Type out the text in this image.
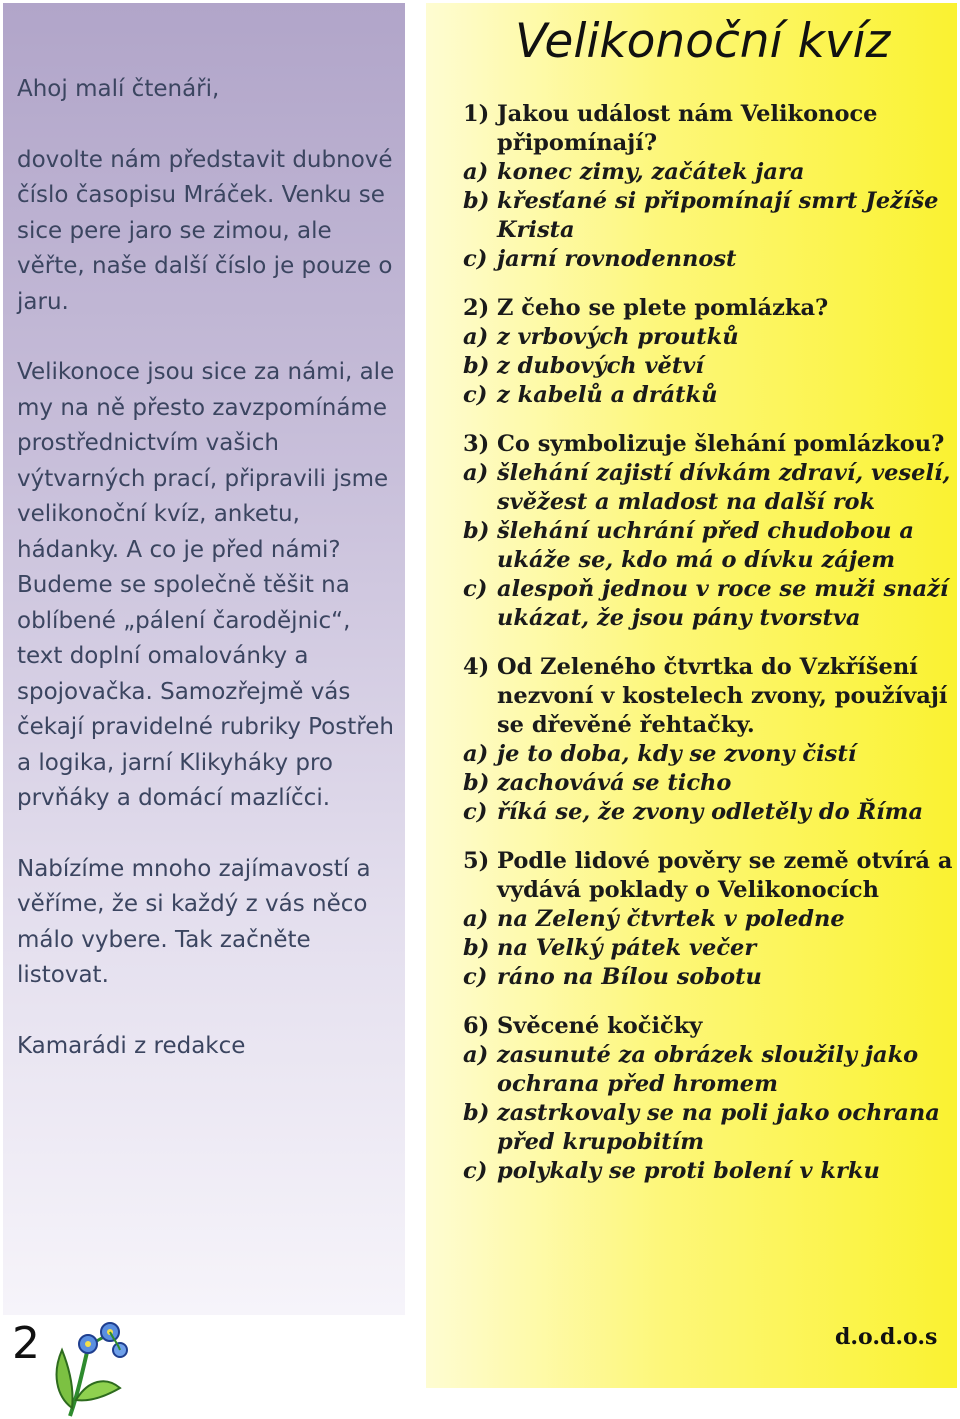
Ahoj malí čtenáři,

dovolte nám představit dubnové číslo časopisu Mráček. Venku se sice pere jaro se zimou, ale věřte, naše další číslo je pouze o jaru.

Velikonoce jsou sice za námi, ale my na ně přesto zavzpomínáme prostřednictvím vašich výtvarných prací, připravili jsme velikonoční kvíz, anketu, hádanky. A co je před námi? Budeme se společně těšit na oblíbené „pálení čarodějnic“, text doplní omalovánky a spojovačka. Samozřejmě vás čekají pravidelné rubriky Postřeh a logika, jarní Klikyháky pro prvňáky a domácí mazlíčci.

Nabízíme mnoho zajímavostí a věříme, že si každý z vás něco málo vybere. Tak začněte listovat.

Kamarádi z redakce

Velikonoční kvíz
1) Jakou událost nám Velikonoce připomínají?
a) konec zimy, začátek jara
b) křesťané si připomínají smrt Ježíše Krista
c) jarní rovnodennost
2) Z čeho se plete pomlázka?
a) z vrbových proutků
b) z dubových větví
c) z kabelů a drátků
3) Co symbolizuje šlehání pomlázkou?
a) šlehání zajistí dívkám zdraví, veselí, svěžest a mladost na další rok
b) šlehání uchrání před chudobou a ukáže se, kdo má o dívku zájem
c) alespoň jednou v roce se muži snaží ukázat, že jsou pány tvorstva
4) Od Zeleného čtvrtka do Vzkříšení nezvoní v kostelech zvony, používají se dřevěné řehtačky.
a) je to doba, kdy se zvony čistí
b) zachovává se ticho
c) říká se, že zvony odletěly do Říma
5) Podle lidové pověry se země otvírá a vydává poklady o Velikonocích
a) na Zelený čtvrtek v poledne
b) na Velký pátek večer
c) ráno na Bílou sobotu
6) Svěcené kočičky
a) zasunuté za obrázek sloužily jako ochrana před hromem
b) zastrkovaly se na poli jako ochrana před krupobitím
c) polykaly se proti bolení v krku
2	d.o.d.o.s
